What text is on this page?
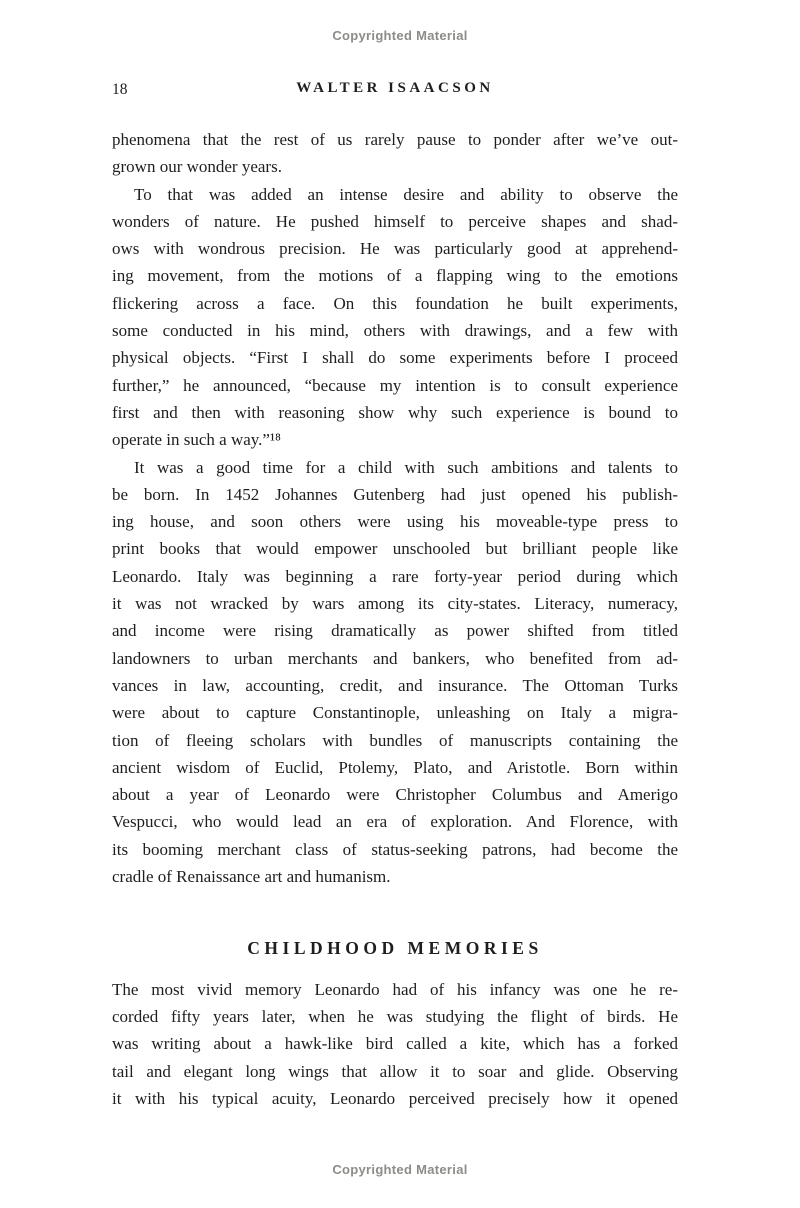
Copyrighted Material
18	WALTER ISAACSON
phenomena that the rest of us rarely pause to ponder after we’ve out-
grown our wonder years.
To that was added an intense desire and ability to observe the
wonders of nature. He pushed himself to perceive shapes and shad-
ows with wondrous precision. He was particularly good at apprehend-
ing movement, from the motions of a flapping wing to the emotions
flickering across a face. On this foundation he built experiments,
some conducted in his mind, others with drawings, and a few with
physical objects. “First I shall do some experiments before I proceed
further,” he announced, “because my intention is to consult experience
first and then with reasoning show why such experience is bound to
operate in such a way.”¹⁸
It was a good time for a child with such ambitions and talents to
be born. In 1452 Johannes Gutenberg had just opened his publish-
ing house, and soon others were using his moveable-type press to
print books that would empower unschooled but brilliant people like
Leonardo. Italy was beginning a rare forty-year period during which
it was not wracked by wars among its city-states. Literacy, numeracy,
and income were rising dramatically as power shifted from titled
landowners to urban merchants and bankers, who benefited from ad-
vances in law, accounting, credit, and insurance. The Ottoman Turks
were about to capture Constantinople, unleashing on Italy a migra-
tion of fleeing scholars with bundles of manuscripts containing the
ancient wisdom of Euclid, Ptolemy, Plato, and Aristotle. Born within
about a year of Leonardo were Christopher Columbus and Amerigo
Vespucci, who would lead an era of exploration. And Florence, with
its booming merchant class of status-seeking patrons, had become the
cradle of Renaissance art and humanism.
CHILDHOOD MEMORIES
The most vivid memory Leonardo had of his infancy was one he re-
corded fifty years later, when he was studying the flight of birds. He
was writing about a hawk-like bird called a kite, which has a forked
tail and elegant long wings that allow it to soar and glide. Observing
it with his typical acuity, Leonardo perceived precisely how it opened
Copyrighted Material
